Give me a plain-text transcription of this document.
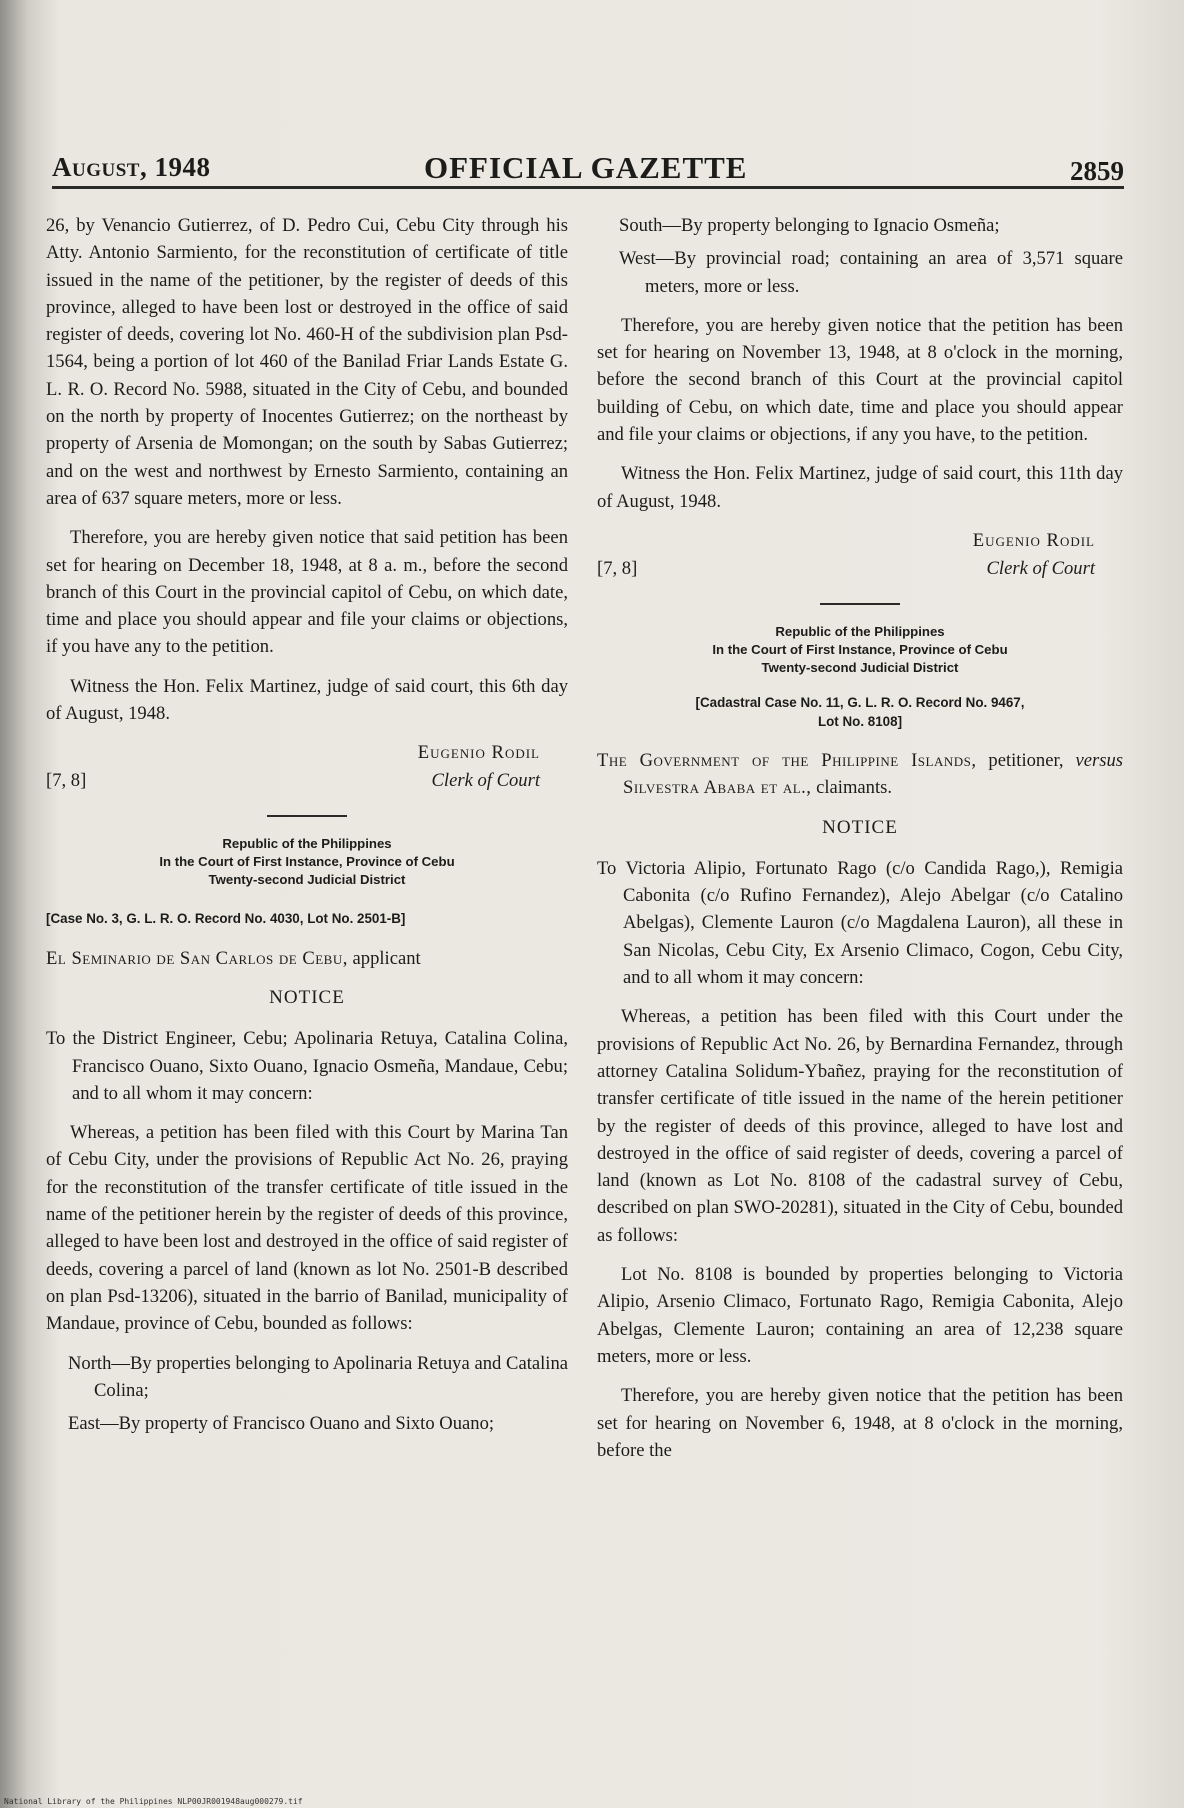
August, 1948	OFFICIAL GAZETTE	2859

26, by Venancio Gutierrez, of D. Pedro Cui, Cebu City through his Atty. Antonio Sarmiento, for the reconstitution of certificate of title issued in the name of the petitioner, by the register of deeds of this province, alleged to have been lost or destroyed in the office of said register of deeds, covering lot No. 460-H of the subdivision plan Psd-1564, being a portion of lot 460 of the Banilad Friar Lands Estate G. L. R. O. Record No. 5988, situated in the City of Cebu, and bounded on the north by property of Inocentes Gutierrez; on the northeast by property of Arsenia de Momongan; on the south by Sabas Gutierrez; and on the west and northwest by Ernesto Sarmiento, containing an area of 637 square meters, more or less.

Therefore, you are hereby given notice that said petition has been set for hearing on December 18, 1948, at 8 a. m., before the second branch of this Court in the provincial capitol of Cebu, on which date, time and place you should appear and file your claims or objections, if you have any to the petition.

Witness the Hon. Felix Martinez, judge of said court, this 6th day of August, 1948.

Eugenio Rodil
[7, 8]	Clerk of Court
Republic of the Philippines
In the Court of First Instance, Province of Cebu
Twenty-second Judicial District
[Case No. 3, G. L. R. O. Record No. 4030, Lot No. 2501-B]

El Seminario de San Carlos de Cebu, applicant

NOTICE

To the District Engineer, Cebu; Apolinaria Retuya, Catalina Colina, Francisco Ouano, Sixto Ouano, Ignacio Osmeña, Mandaue, Cebu; and to all whom it may concern:

Whereas, a petition has been filed with this Court by Marina Tan of Cebu City, under the provisions of Republic Act No. 26, praying for the reconstitution of the transfer certificate of title issued in the name of the petitioner herein by the register of deeds of this province, alleged to have been lost and destroyed in the office of said register of deeds, covering a parcel of land (known as lot No. 2501-B described on plan Psd-13206), situated in the barrio of Banilad, municipality of Mandaue, province of Cebu, bounded as follows:

North—By properties belonging to Apolinaria Retuya and Catalina Colina;

East—By property of Francisco Ouano and Sixto Ouano;

South—By property belonging to Ignacio Osmeña;

West—By provincial road; containing an area of 3,571 square meters, more or less.

Therefore, you are hereby given notice that the petition has been set for hearing on November 13, 1948, at 8 o'clock in the morning, before the second branch of this Court at the provincial capitol building of Cebu, on which date, time and place you should appear and file your claims or objections, if any you have, to the petition.

Witness the Hon. Felix Martinez, judge of said court, this 11th day of August, 1948.

Eugenio Rodil
[7, 8]	Clerk of Court
Republic of the Philippines
In the Court of First Instance, Province of Cebu
Twenty-second Judicial District
[Cadastral Case No. 11, G. L. R. O. Record No. 9467,
Lot No. 8108]

The Government of the Philippine Islands, petitioner, versus Silvestra Ababa et al., claimants.

NOTICE

To Victoria Alipio, Fortunato Rago (c/o Candida Rago,), Remigia Cabonita (c/o Rufino Fernandez), Alejo Abelgar (c/o Catalino Abelgas), Clemente Lauron (c/o Magdalena Lauron), all these in San Nicolas, Cebu City, Ex Arsenio Climaco, Cogon, Cebu City, and to all whom it may concern:

Whereas, a petition has been filed with this Court under the provisions of Republic Act No. 26, by Bernardina Fernandez, through attorney Catalina Solidum-Ybañez, praying for the reconstitution of transfer certificate of title issued in the name of the herein petitioner by the register of deeds of this province, alleged to have lost and destroyed in the office of said register of deeds, covering a parcel of land (known as Lot No. 8108 of the cadastral survey of Cebu, described on plan SWO-20281), situated in the City of Cebu, bounded as follows:

Lot No. 8108 is bounded by properties belonging to Victoria Alipio, Arsenio Climaco, Fortunato Rago, Remigia Cabonita, Alejo Abelgas, Clemente Lauron; containing an area of 12,238 square meters, more or less.

Therefore, you are hereby given notice that the petition has been set for hearing on November 6, 1948, at 8 o'clock in the morning, before the

National Library of the Philippines NLP00JR001948aug000279.tif
